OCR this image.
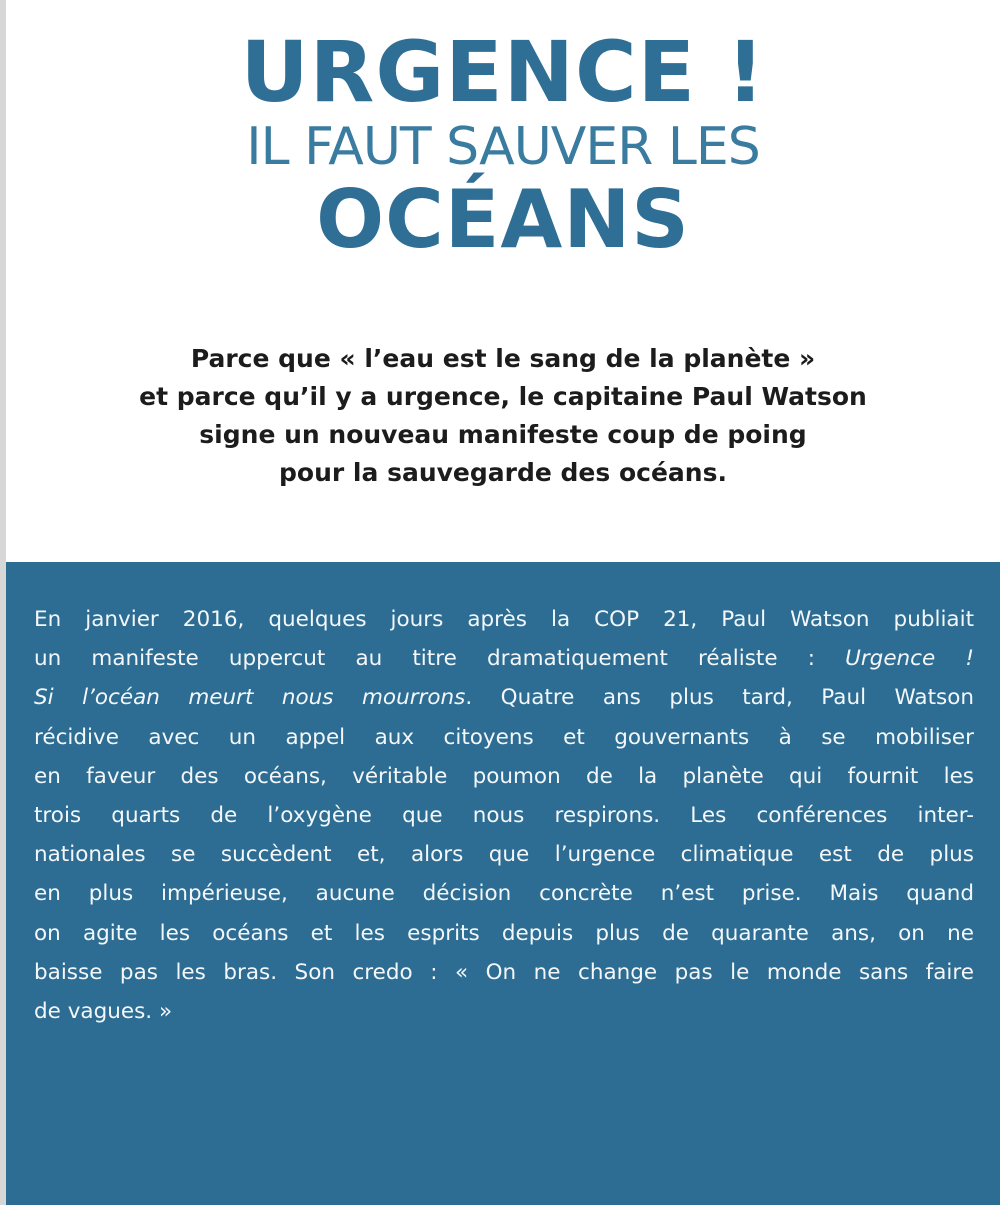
URGENCE !
IL FAUT SAUVER LES
OCÉANS
Parce que « l’eau est le sang de la planète »
et parce qu’il y a urgence, le capitaine Paul Watson
signe un nouveau manifeste coup de poing
pour la sauvegarde des océans.
En janvier 2016, quelques jours après la COP 21, Paul Watson publiait
un manifeste uppercut au titre dramatiquement réaliste : Urgence !
Si l’océan meurt nous mourrons. Quatre ans plus tard, Paul Watson
récidive avec un appel aux citoyens et gouvernants à se mobiliser
en faveur des océans, véritable poumon de la planète qui fournit les
trois quarts de l’oxygène que nous respirons. Les conférences inter-
nationales se succèdent et, alors que l’urgence climatique est de plus
en plus impérieuse, aucune décision concrète n’est prise. Mais quand
on agite les océans et les esprits depuis plus de quarante ans, on ne
baisse pas les bras. Son credo : « On ne change pas le monde sans faire
de vagues. »
